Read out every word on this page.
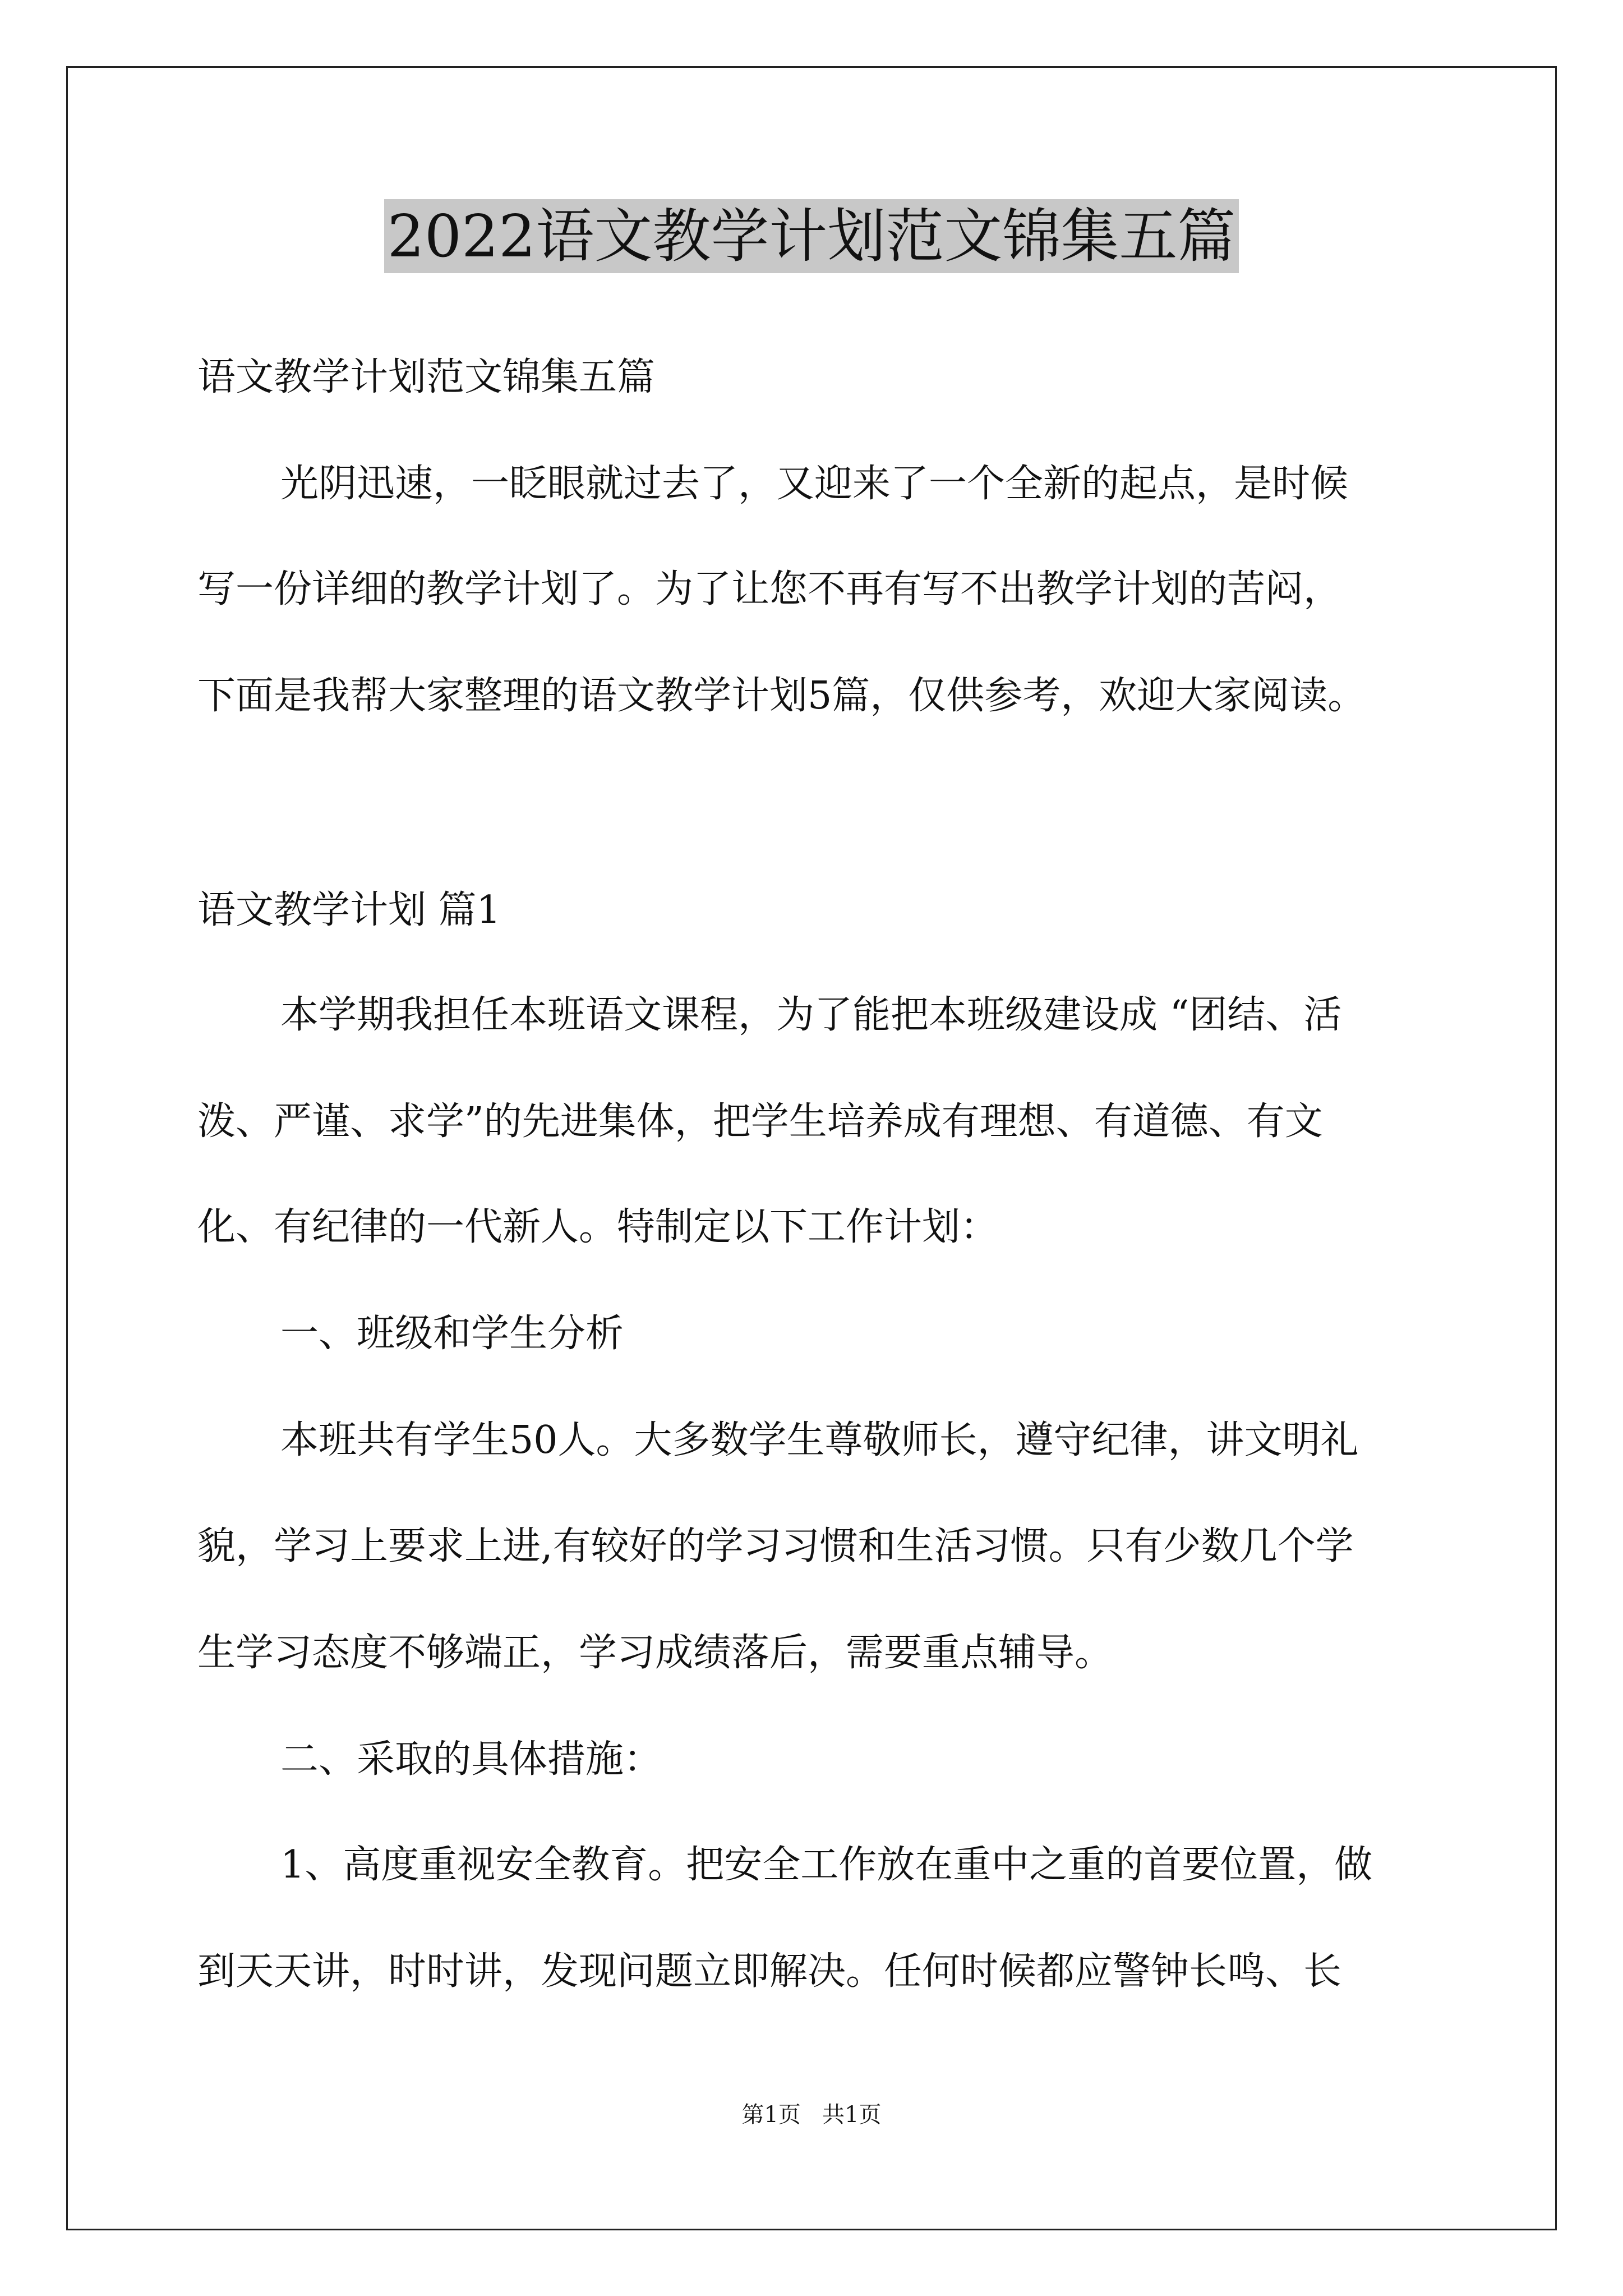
2022语文教学计划范文锦集五篇
语文教学计划范文锦集五篇
光阴迅速，一眨眼就过去了，又迎来了一个全新的起点，是时候
写一份详细的教学计划了。为了让您不再有写不出教学计划的苦闷，
下面是我帮大家整理的语文教学计划5篇，仅供参考，欢迎大家阅读。
语文教学计划 篇1
本学期我担任本班语文课程，为了能把本班级建设成 “团结、活
泼、严谨、求学”的先进集体，把学生培养成有理想、有道德、有文
化、有纪律的一代新人。特制定以下工作计划：
一、班级和学生分析
本班共有学生50人。大多数学生尊敬师长，遵守纪律，讲文明礼
貌，学习上要求上进,有较好的学习习惯和生活习惯。只有少数几个学
生学习态度不够端正，学习成绩落后，需要重点辅导。
二、采取的具体措施：
1、高度重视安全教育。把安全工作放在重中之重的首要位置，做
到天天讲，时时讲，发现问题立即解决。任何时候都应警钟长鸣、长
第1页   共1页
